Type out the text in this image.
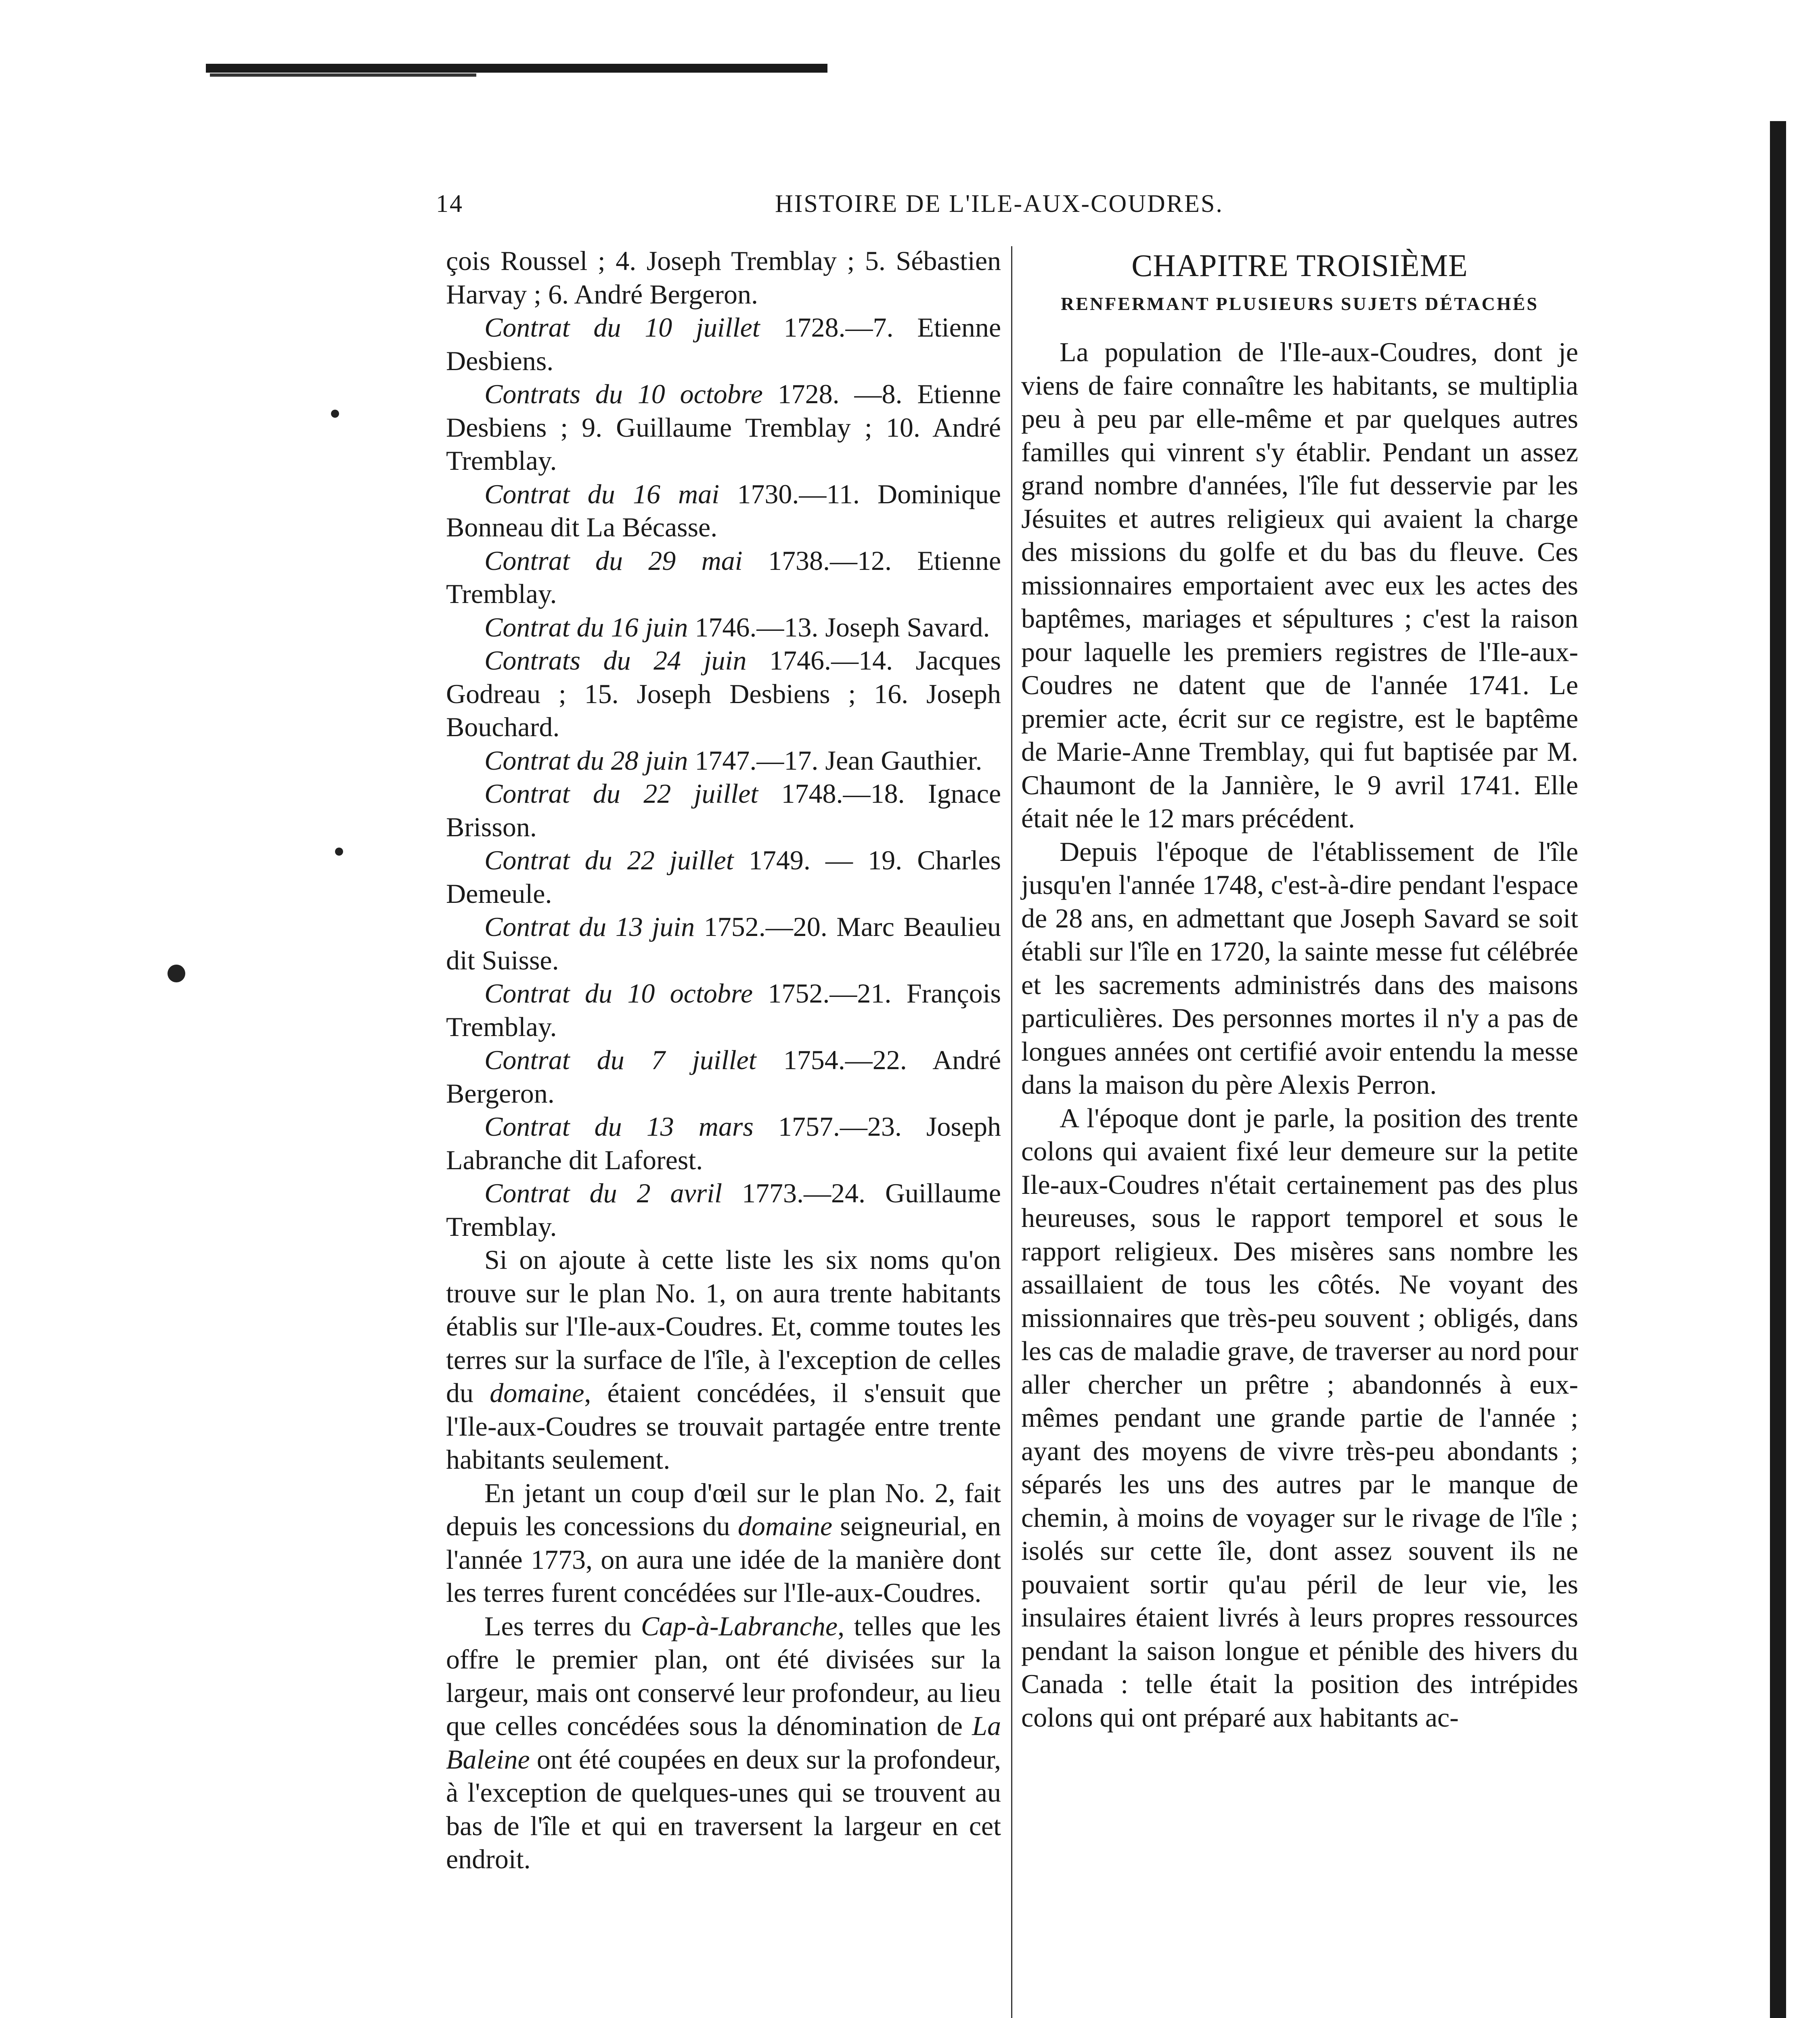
14	HISTOIRE DE L'ILE-AUX-COUDRES.

çois Roussel ; 4. Joseph Tremblay ; 5. Sébastien Harvay ; 6. André Bergeron.

Contrat du 10 juillet 1728.—7. Etienne Desbiens.

Contrats du 10 octobre 1728. —8. Etienne Desbiens ; 9. Guillaume Tremblay ; 10. André Tremblay.

Contrat du 16 mai 1730.—11. Dominique Bonneau dit La Bécasse.

Contrat du 29 mai 1738.—12. Etienne Tremblay.

Contrat du 16 juin 1746.—13. Joseph Savard.

Contrats du 24 juin 1746.—14. Jacques Godreau ; 15. Joseph Desbiens ; 16. Joseph Bouchard.

Contrat du 28 juin 1747.—17. Jean Gauthier.

Contrat du 22 juillet 1748.—18. Ignace Brisson.

Contrat du 22 juillet 1749. — 19. Charles Demeule.

Contrat du 13 juin 1752.—20. Marc Beaulieu dit Suisse.

Contrat du 10 octobre 1752.—21. François Tremblay.

Contrat du 7 juillet 1754.—22. André Bergeron.

Contrat du 13 mars 1757.—23. Joseph Labranche dit Laforest.

Contrat du 2 avril 1773.—24. Guillaume Tremblay.

Si on ajoute à cette liste les six noms qu'on trouve sur le plan No. 1, on aura trente habitants établis sur l'Ile-aux-Coudres. Et, comme toutes les terres sur la surface de l'île, à l'exception de celles du domaine, étaient concédées, il s'ensuit que l'Ile-aux-Coudres se trouvait partagée entre trente habitants seulement.

En jetant un coup d'œil sur le plan No. 2, fait depuis les concessions du domaine seigneurial, en l'année 1773, on aura une idée de la manière dont les terres furent concédées sur l'Ile-aux-Coudres.

Les terres du Cap-à-Labranche, telles que les offre le premier plan, ont été divisées sur la largeur, mais ont conservé leur profondeur, au lieu que celles concédées sous la dénomination de La Baleine ont été coupées en deux sur la profondeur, à l'exception de quelques-unes qui se trouvent au bas de l'île et qui en traversent la largeur en cet endroit.

CHAPITRE TROISIÈME
RENFERMANT PLUSIEURS SUJETS DÉTACHÉS

La population de l'Ile-aux-Coudres, dont je viens de faire connaître les habitants, se multiplia peu à peu par elle-même et par quelques autres familles qui vinrent s'y établir. Pendant un assez grand nombre d'années, l'île fut desservie par les Jésuites et autres religieux qui avaient la charge des missions du golfe et du bas du fleuve. Ces missionnaires emportaient avec eux les actes des baptêmes, mariages et sépultures ; c'est la raison pour laquelle les premiers registres de l'Ile-aux-Coudres ne datent que de l'année 1741. Le premier acte, écrit sur ce registre, est le baptême de Marie-Anne Tremblay, qui fut baptisée par M. Chaumont de la Jannière, le 9 avril 1741. Elle était née le 12 mars précédent.

Depuis l'époque de l'établissement de l'île jusqu'en l'année 1748, c'est-à-dire pendant l'espace de 28 ans, en admettant que Joseph Savard se soit établi sur l'île en 1720, la sainte messe fut célébrée et les sacrements administrés dans des maisons particulières. Des personnes mortes il n'y a pas de longues années ont certifié avoir entendu la messe dans la maison du père Alexis Perron.

A l'époque dont je parle, la position des trente colons qui avaient fixé leur demeure sur la petite Ile-aux-Coudres n'était certainement pas des plus heureuses, sous le rapport temporel et sous le rapport religieux. Des misères sans nombre les assaillaient de tous les côtés. Ne voyant des missionnaires que très-peu souvent ; obligés, dans les cas de maladie grave, de traverser au nord pour aller chercher un prêtre ; abandonnés à eux-mêmes pendant une grande partie de l'année ; ayant des moyens de vivre très-peu abondants ; séparés les uns des autres par le manque de chemin, à moins de voyager sur le rivage de l'île ; isolés sur cette île, dont assez souvent ils ne pouvaient sortir qu'au péril de leur vie, les insulaires étaient livrés à leurs propres ressources pendant la saison longue et pénible des hivers du Canada : telle était la position des intrépides colons qui ont préparé aux habitants ac-
